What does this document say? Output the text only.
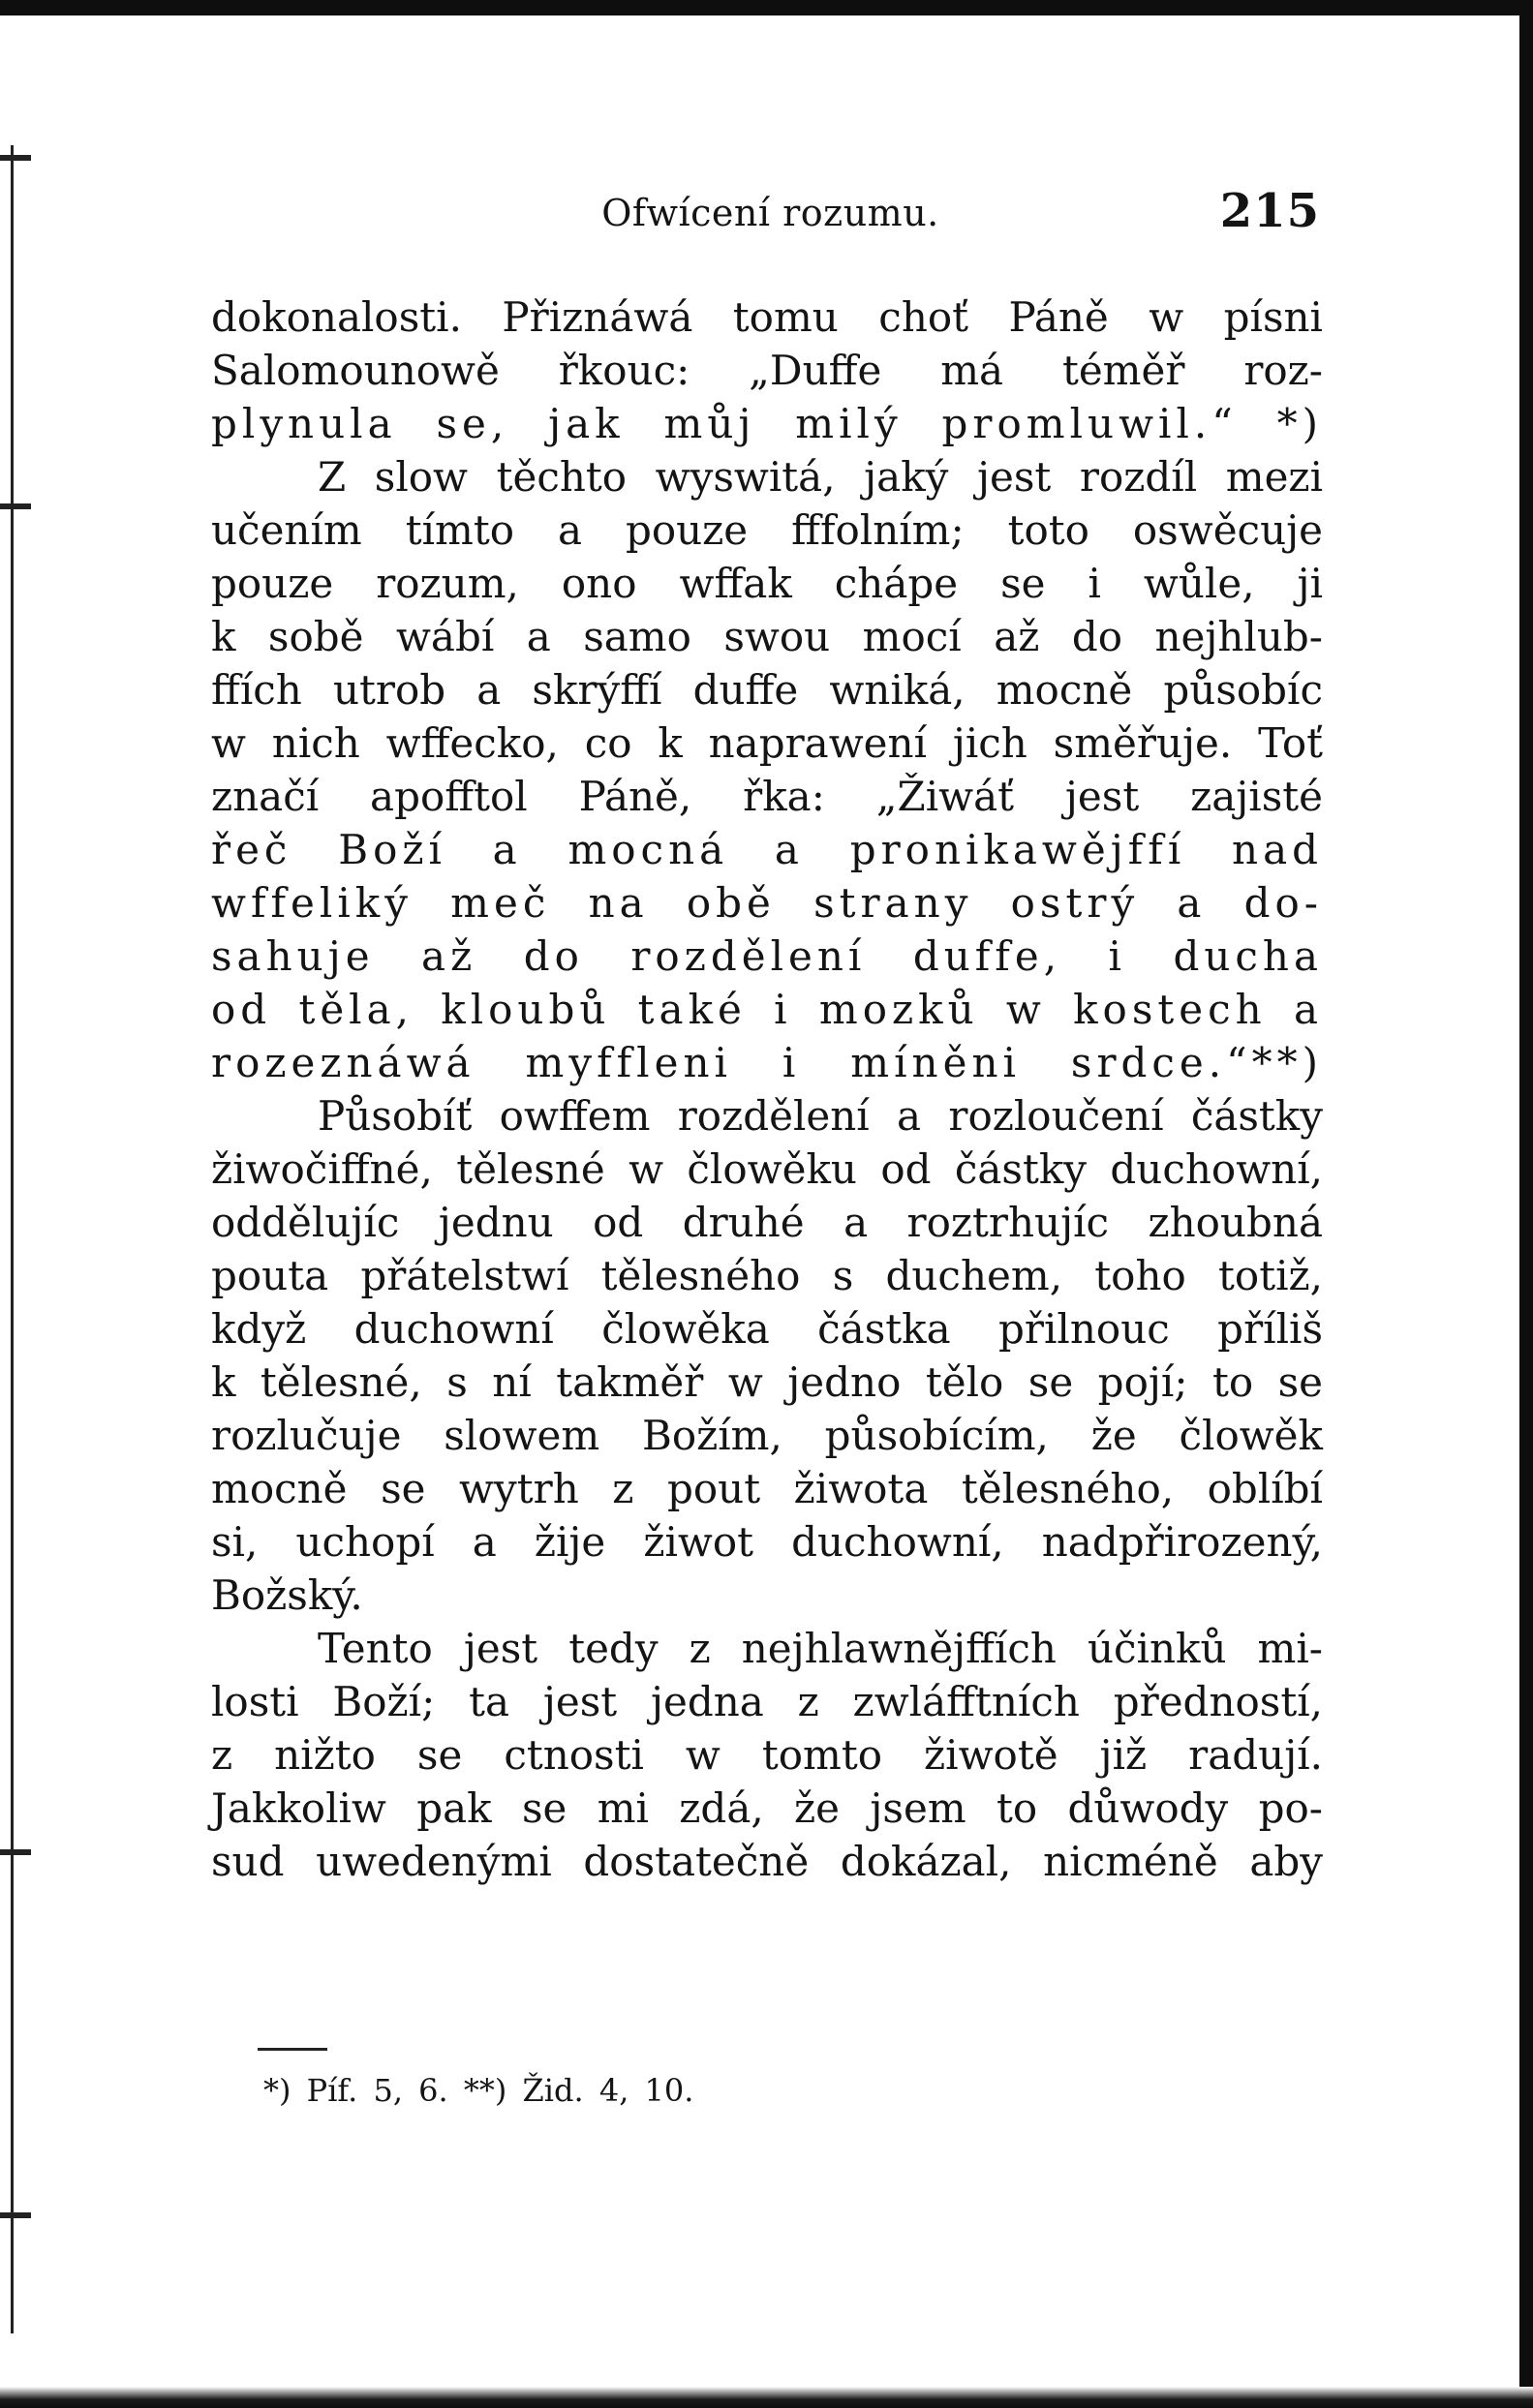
Ofwícení rozumu.	215
dokonalosti. Přiznáwá tomu choť Páně w písni
Salomounowě řkouc: „Duffe má téměř roz-
plynula se, jak můj milý promluwil.“ *)
Z slow těchto wyswitá, jaký jest rozdíl mezi
učením tímto a pouze fffolním; toto oswěcuje
pouze rozum, ono wffak chápe se i wůle, ji
k sobě wábí a samo swou mocí až do nejhlub-
ffích utrob a skrýffí duffe wniká, mocně působíc
w nich wffecko, co k naprawení jich směřuje. Toť
značí apofftol Páně, řka: „Žiwáť jest zajisté
řeč Boží a mocná a pronikawějffí nad
wffeliký meč na obě strany ostrý a do-
sahuje až do rozdělení duffe, i ducha
od těla, kloubů také i mozků w kostech a
rozeznáwá myffleni i míněni srdce.“**)
Působíť owffem rozdělení a rozloučení částky
žiwočiffné, tělesné w člowěku od částky duchowní,
oddělujíc jednu od druhé a roztrhujíc zhoubná
pouta přátelstwí tělesného s duchem, toho totiž,
když duchowní člowěka částka přilnouc příliš
k tělesné, s ní takměř w jedno tělo se pojí; to se
rozlučuje slowem Božím, působícím, že člowěk
mocně se wytrh z pout žiwota tělesného, oblíbí
si, uchopí a žije žiwot duchowní, nadpřirozený,
Božský.
Tento jest tedy z nejhlawnějffích účinků mi-
losti Boží; ta jest jedna z zwláfftních předností,
z nižto se ctnosti w tomto žiwotě již radují.
Jakkoliw pak se mi zdá, že jsem to důwody po-
sud uwedenými dostatečně dokázal, nicméně aby
*) Píf. 5, 6. **) Žid. 4, 10.
